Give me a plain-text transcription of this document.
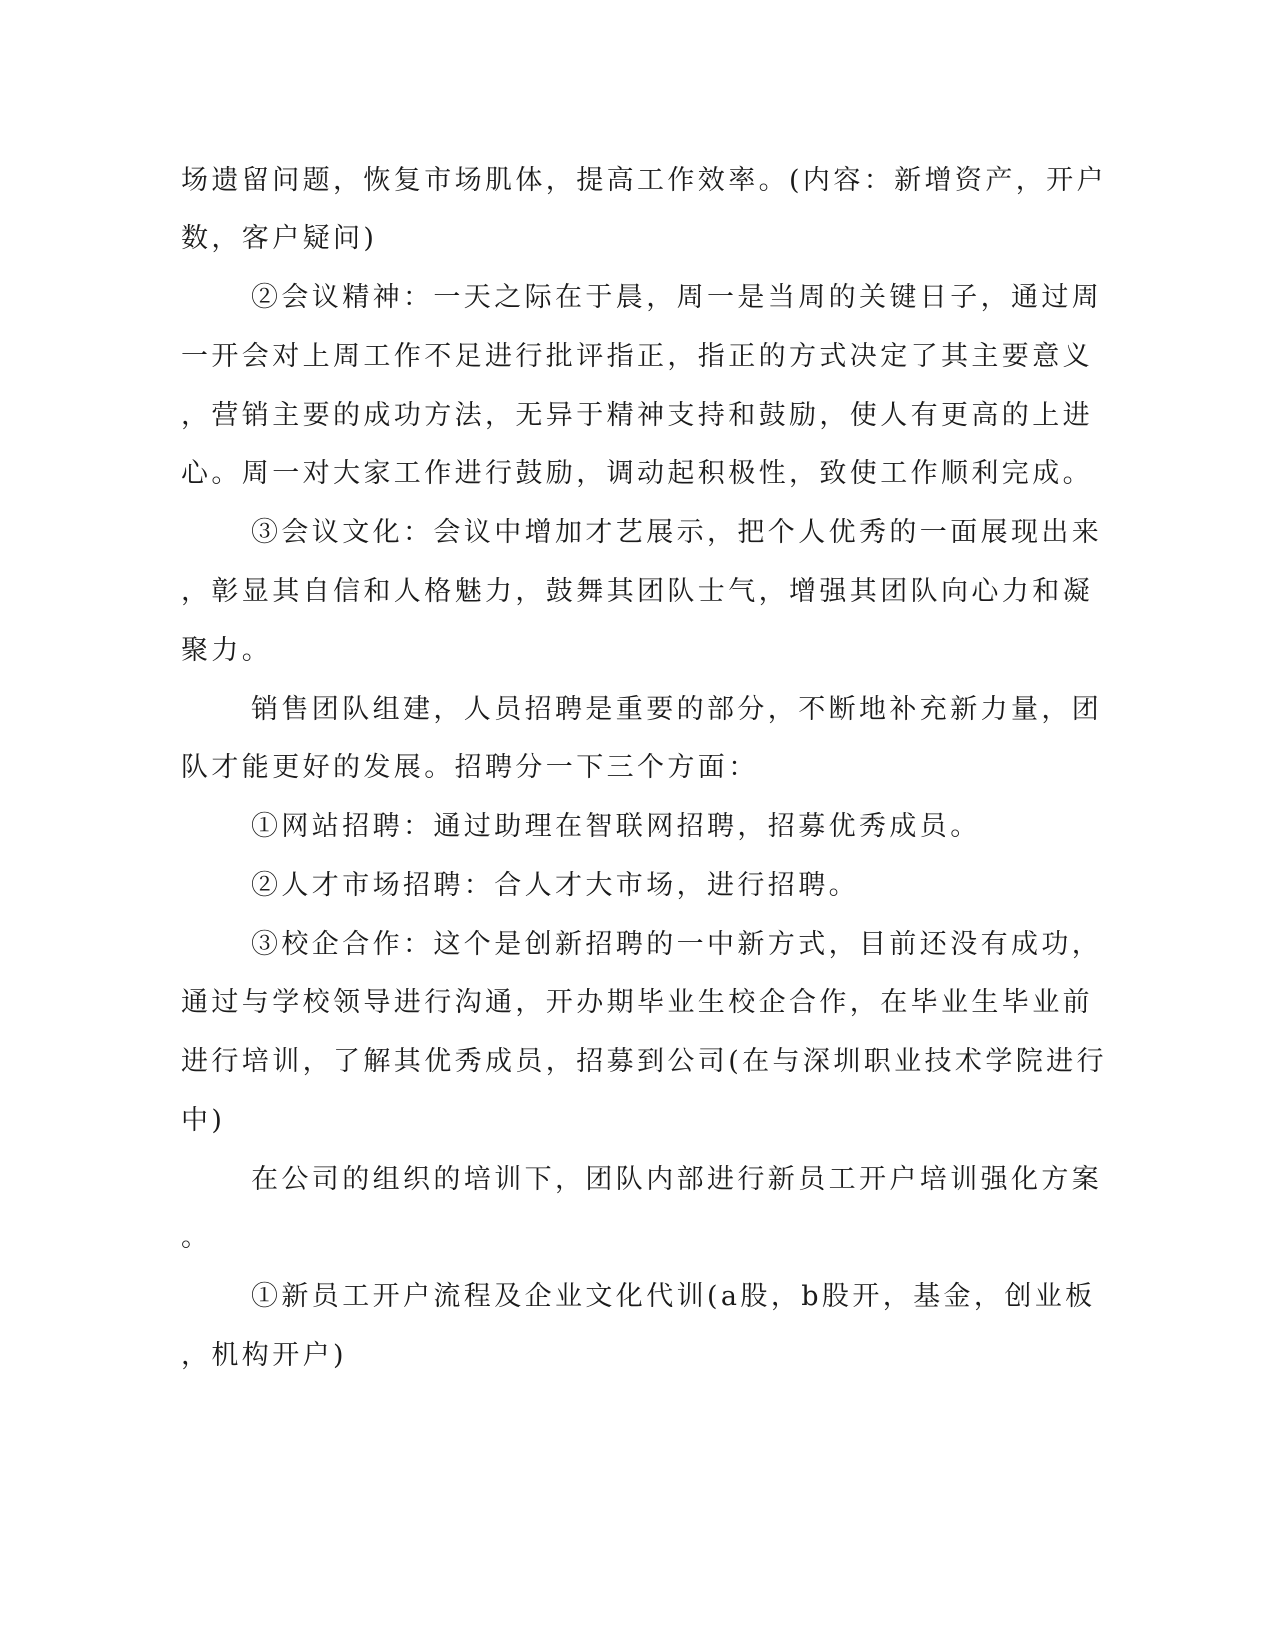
场遗留问题，恢复市场肌体，提高工作效率。(内容：新增资产，开户
数，客户疑问)
②会议精神：一天之际在于晨，周一是当周的关键日子，通过周
一开会对上周工作不足进行批评指正，指正的方式决定了其主要意义
，营销主要的成功方法，无异于精神支持和鼓励，使人有更高的上进
心。周一对大家工作进行鼓励，调动起积极性，致使工作顺利完成。
③会议文化：会议中增加才艺展示，把个人优秀的一面展现出来
，彰显其自信和人格魅力，鼓舞其团队士气，增强其团队向心力和凝
聚力。
销售团队组建，人员招聘是重要的部分，不断地补充新力量，团
队才能更好的发展。招聘分一下三个方面：
①网站招聘：通过助理在智联网招聘，招募优秀成员。
②人才市场招聘：合人才大市场，进行招聘。
③校企合作：这个是创新招聘的一中新方式，目前还没有成功，
通过与学校领导进行沟通，开办期毕业生校企合作，在毕业生毕业前
进行培训，了解其优秀成员，招募到公司(在与深圳职业技术学院进行
中)
在公司的组织的培训下，团队内部进行新员工开户培训强化方案
。
①新员工开户流程及企业文化代训(a股，b股开，基金，创业板
，机构开户)
